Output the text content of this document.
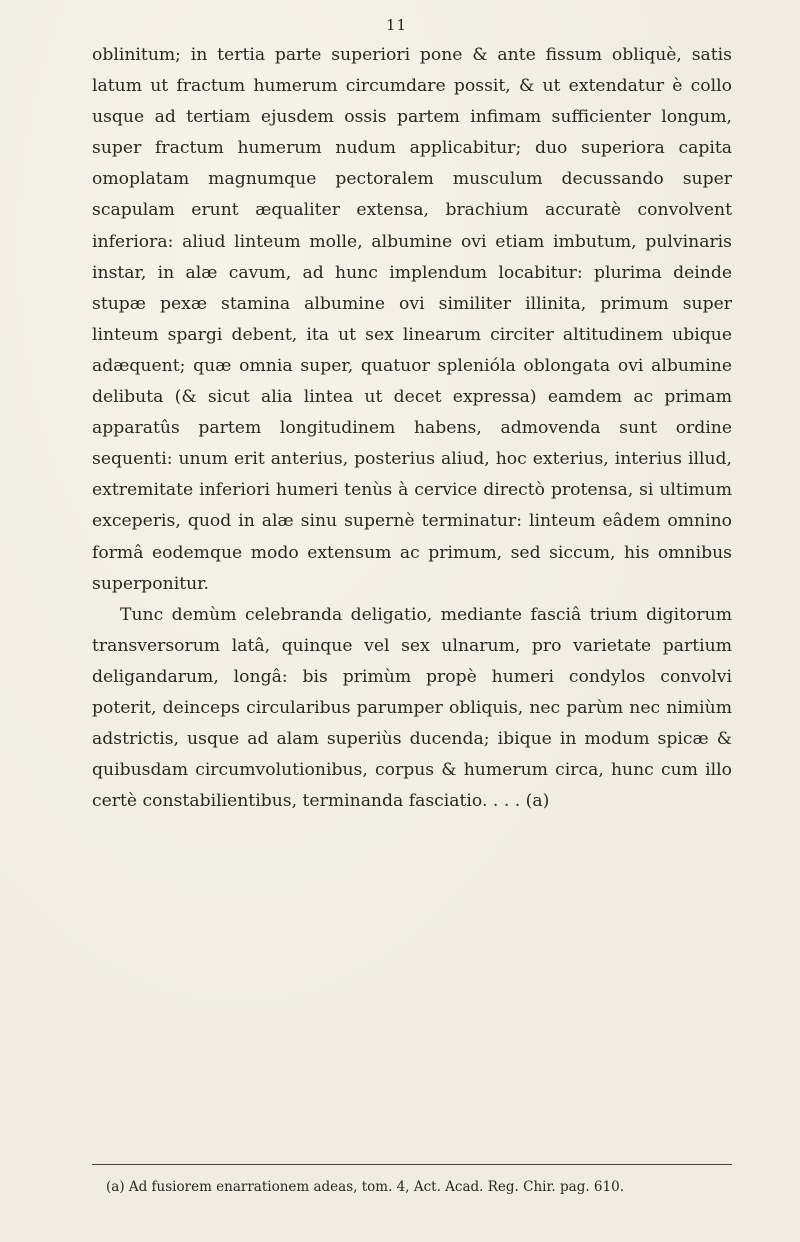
11

oblinitum; in tertia parte superiori pone & ante fissum obliquè, satis latum ut fractum humerum circumdare possit, & ut extendatur è collo usque ad tertiam ejusdem ossis partem infimam sufficienter longum, super fractum humerum nudum applicabitur; duo superiora capita omoplatam magnumque pectoralem musculum decussando super scapulam erunt æqualiter extensa, brachium accuratè convolvent inferiora: aliud linteum molle, albumine ovi etiam imbutum, pulvinaris instar, in alæ cavum, ad hunc implendum locabitur: plurima deinde stupæ pexæ stamina albumine ovi similiter illinita, primum super linteum spargi debent, ita ut sex linearum circiter altitudinem ubique adæquent; quæ omnia super, quatuor splenióla oblongata ovi albumine delibuta (& sicut alia lintea ut decet expressa) eamdem ac primam apparatûs partem longitudinem habens, admovenda sunt ordine sequenti: unum erit anterius, posterius aliud, hoc exterius, interius illud, extremitate inferiori humeri tenùs à cervice directò protensa, si ultimum exceperis, quod in alæ sinu supernè terminatur: linteum eâdem omnino formâ eodemque modo extensum ac primum, sed siccum, his omnibus superponitur.

Tunc demùm celebranda deligatio, mediante fasciâ trium digitorum transversorum latâ, quinque vel sex ulnarum, pro varietate partium deligandarum, longâ: bis primùm propè humeri condylos convolvi poterit, deinceps circularibus parumper obliquis, nec parùm nec nimiùm adstrictis, usque ad alam superiùs ducenda; ibique in modum spicæ & quibusdam circumvolutionibus, corpus & humerum circa, hunc cum illo certè constabilientibus, terminanda fasciatio. . . . (a)

(a) Ad fusiorem enarrationem adeas, tom. 4, Act. Acad. Reg. Chir. pag. 610.
